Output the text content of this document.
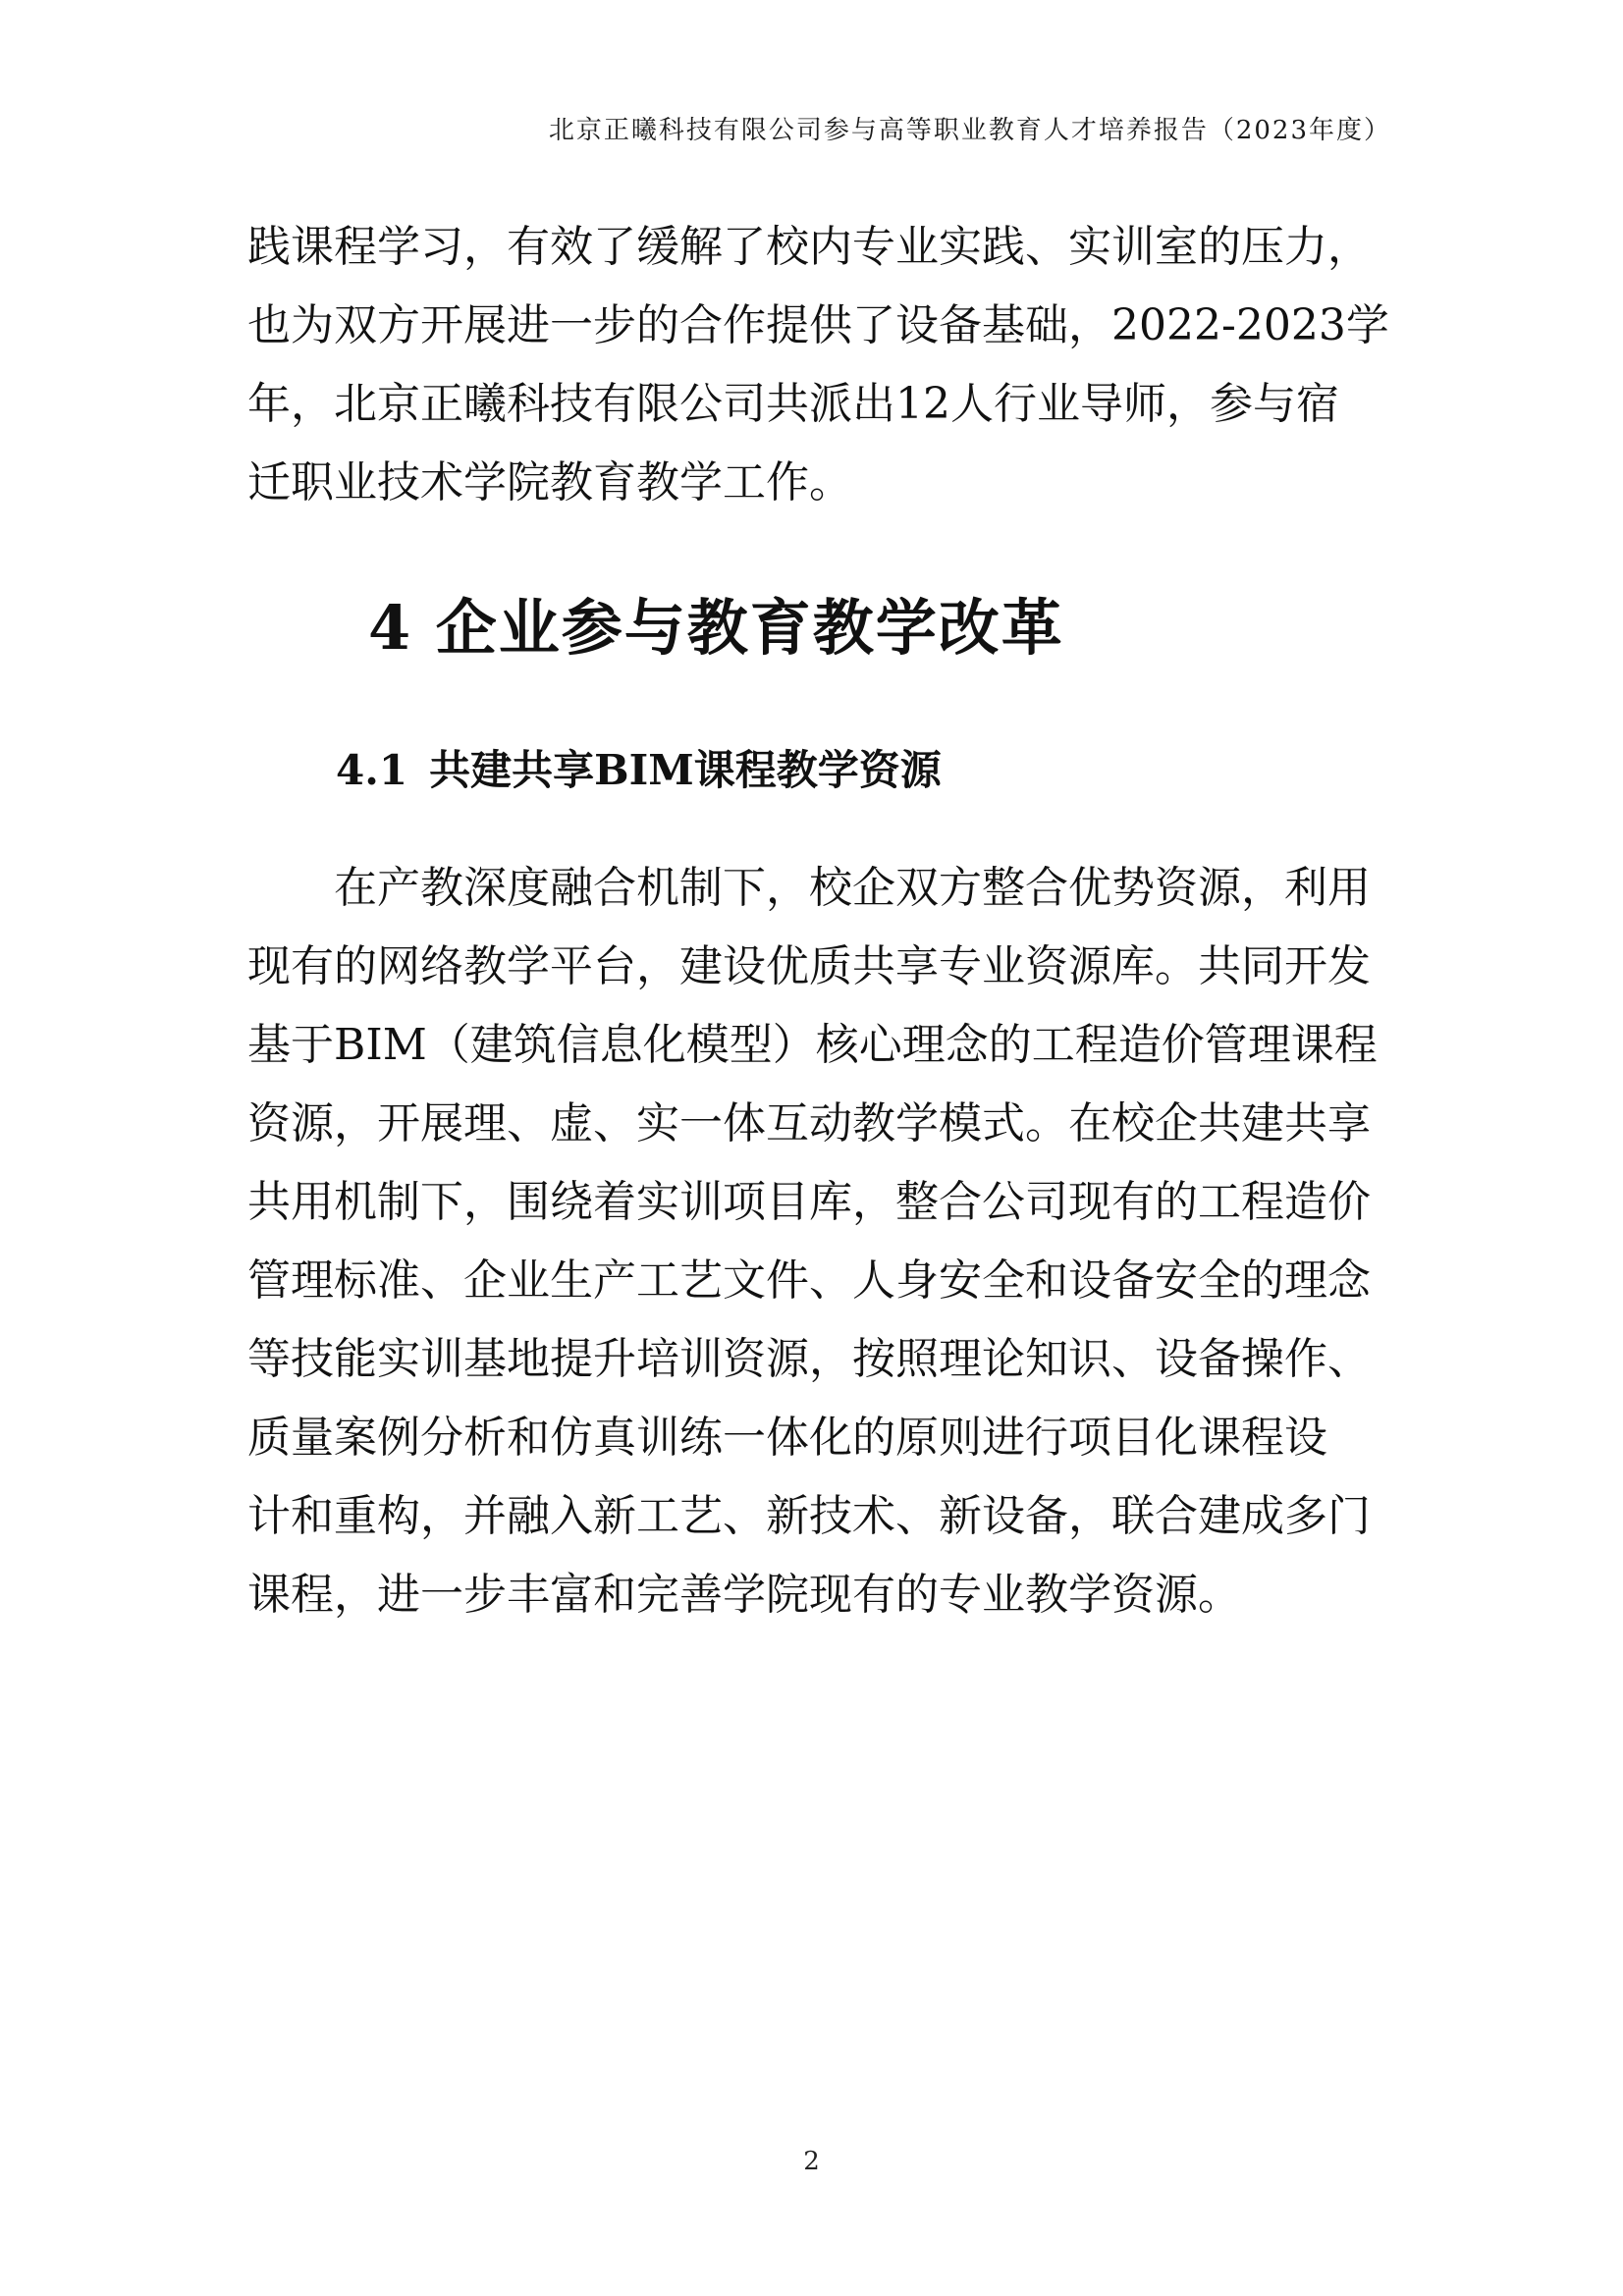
北京正曦科技有限公司参与高等职业教育人才培养报告（2023年度）
践课程学习，有效了缓解了校内专业实践、实训室的压力，
也为双方开展进一步的合作提供了设备基础，2022-2023学
年，北京正曦科技有限公司共派出12人行业导师，参与宿
迁职业技术学院教育教学工作。
4 企业参与教育教学改革
4.1 共建共享BIM课程教学资源
在产教深度融合机制下，校企双方整合优势资源，利用
现有的网络教学平台，建设优质共享专业资源库。共同开发
基于BIM（建筑信息化模型）核心理念的工程造价管理课程
资源，开展理、虚、实一体互动教学模式。在校企共建共享
共用机制下，围绕着实训项目库，整合公司现有的工程造价
管理标准、企业生产工艺文件、人身安全和设备安全的理念
等技能实训基地提升培训资源，按照理论知识、设备操作、
质量案例分析和仿真训练一体化的原则进行项目化课程设
计和重构，并融入新工艺、新技术、新设备，联合建成多门
课程，进一步丰富和完善学院现有的专业教学资源。
2
